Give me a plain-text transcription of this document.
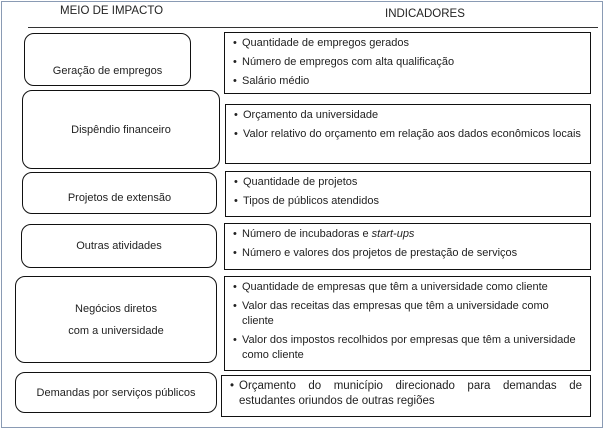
MEIO DE IMPACTO	INDICADORES
Geração de empregos
• Quantidade de empregos gerados
• Número de empregos com alta qualificação
• Salário médio
Dispêndio financeiro
• Orçamento da universidade
• Valor relativo do orçamento em relação aos dados econômicos locais
Projetos de extensão
• Quantidade de projetos
• Tipos de públicos atendidos
Outras atividades
• Número de incubadoras e start-ups
• Número e valores dos projetos de prestação de serviços
Negócios diretos
com a universidade
• Quantidade de empresas que têm a universidade como cliente
• Valor das receitas das empresas que têm a universidade como cliente
• Valor dos impostos recolhidos por empresas que têm a universidade como cliente
Demandas por serviços públicos
• Orçamento do município direcionado para demandas de estudantes oriundos de outras regiões
